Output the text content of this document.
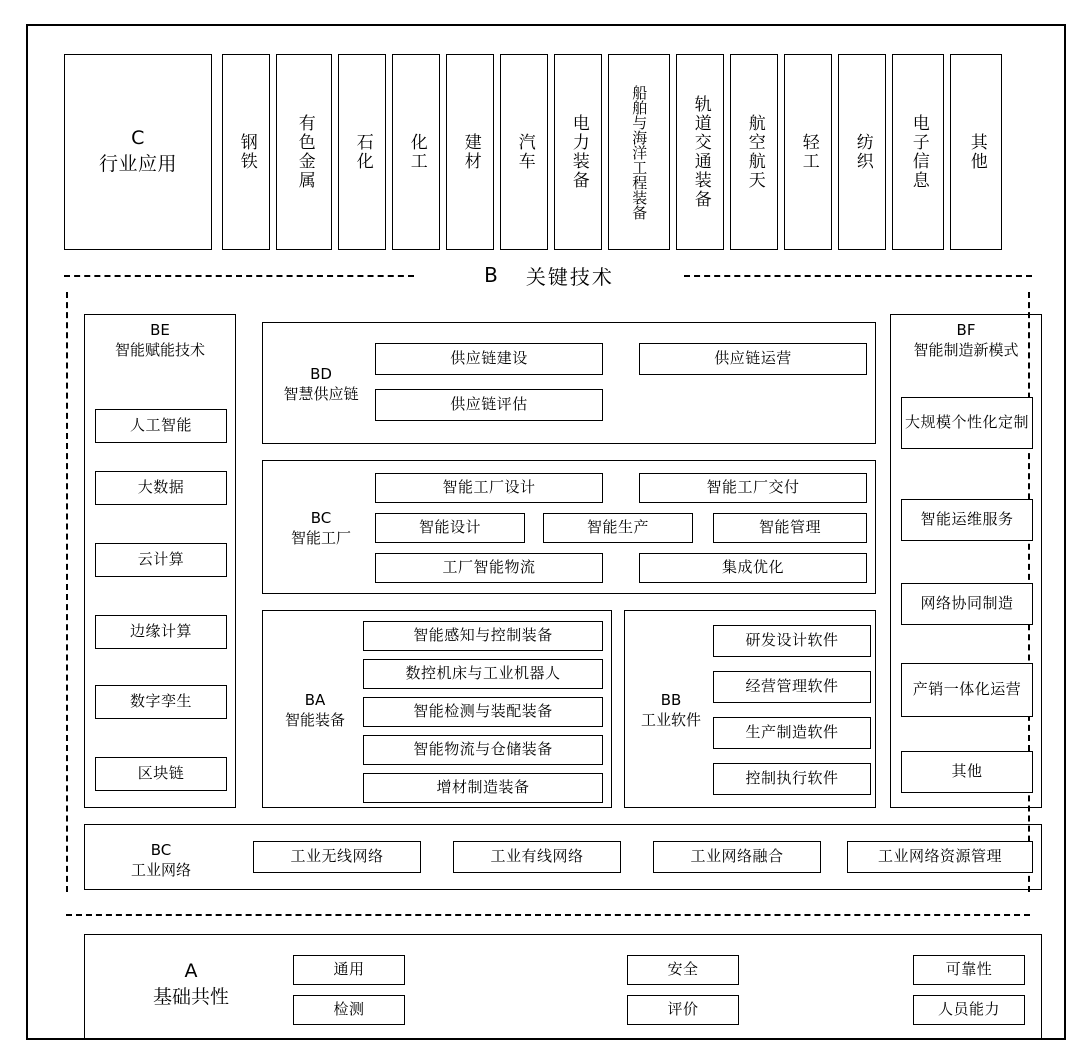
C
行业应用	钢铁 有色金属 石化 化工 建材 汽车 电力装备	船舶与海洋工程装备	轨道交通装备 航空航天 轻工 纺织 电子信息 其他
B 关键技术
BE
智能赋能技术
人工智能
大数据
云计算
边缘计算
数字孪生
区块链
BF
智能制造新模式
大规模个性化定制
智能运维服务
网络协同制造
产销一体化运营
其他
BD
智慧供应链
供应链建设	供应链运营
供应链评估
BC
智能工厂
智能工厂设计	智能工厂交付
智能设计	智能生产	智能管理
工厂智能物流	集成优化
BA
智能装备
智能感知与控制装备
数控机床与工业机器人
智能检测与装配装备
智能物流与仓储装备
增材制造装备
BB
工业软件
研发设计软件
经营管理软件
生产制造软件
控制执行软件
BC
工业网络
工业无线网络	工业有线网络	工业网络融合	工业网络资源管理
A
基础共性
通用	安全	可靠性
检测	评价	人员能力
